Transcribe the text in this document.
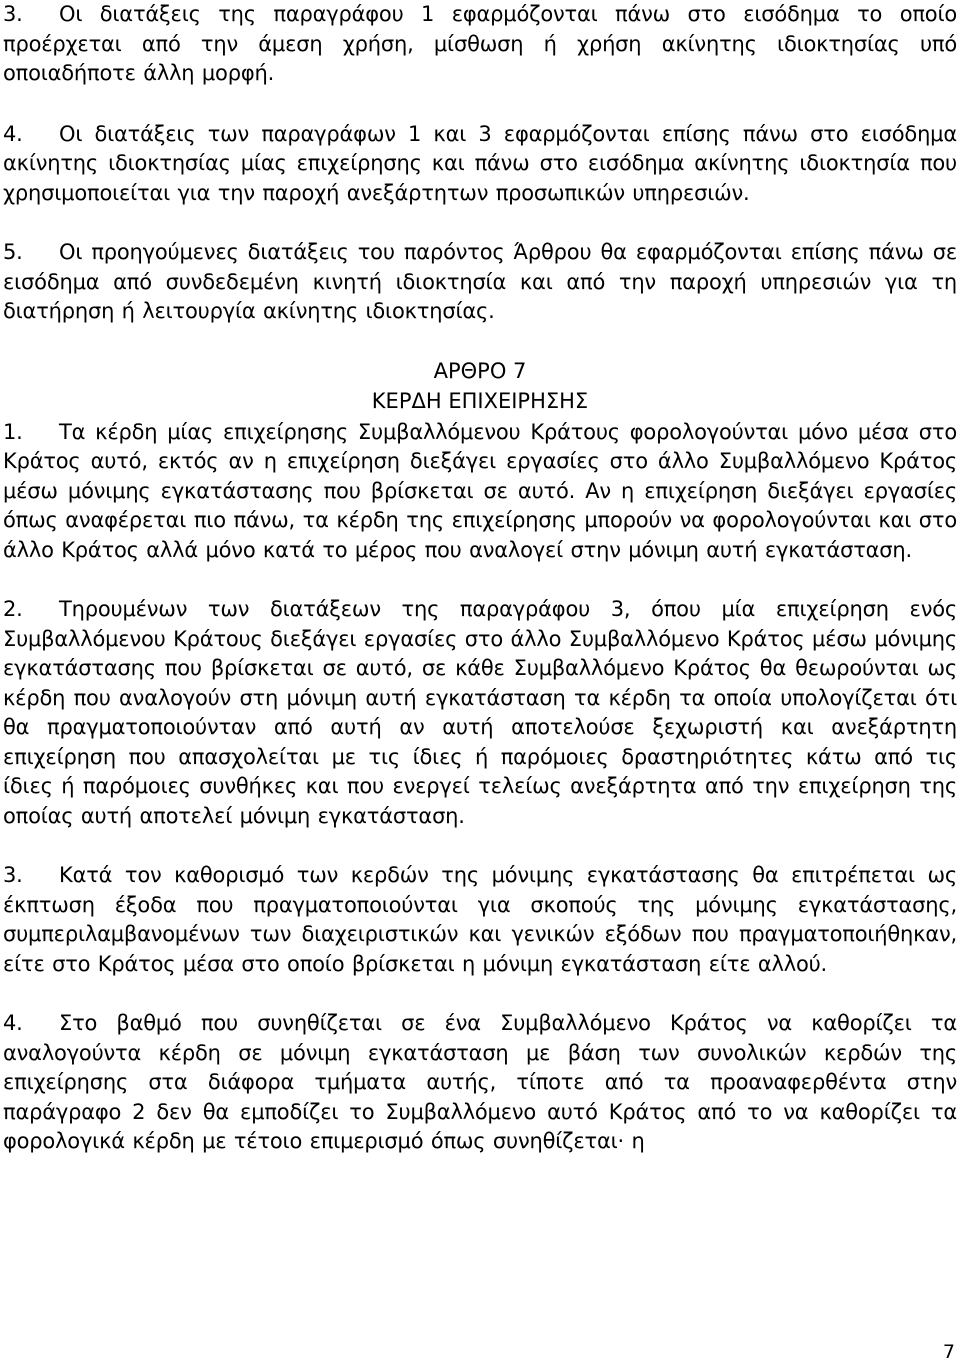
3. Οι διατάξεις της παραγράφου 1 εφαρμόζονται πάνω στο εισόδημα το οποίο προέρχεται από την άμεση χρήση, μίσθωση ή χρήση ακίνητης ιδιοκτησίας υπό οποιαδήποτε άλλη μορφή.

4. Οι διατάξεις των παραγράφων 1 και 3 εφαρμόζονται επίσης πάνω στο εισόδημα ακίνητης ιδιοκτησίας μίας επιχείρησης και πάνω στο εισόδημα ακίνητης ιδιοκτησία που χρησιμοποιείται για την παροχή ανεξάρτητων προσωπικών υπηρεσιών.

5. Οι προηγούμενες διατάξεις του παρόντος Άρθρου θα εφαρμόζονται επίσης πάνω σε εισόδημα από συνδεδεμένη κινητή ιδιοκτησία και από την παροχή υπηρεσιών για τη διατήρηση ή λειτουργία ακίνητης ιδιοκτησίας.

ΑΡΘΡΟ 7
ΚΕΡΔΗ ΕΠΙΧΕΙΡΗΣΗΣ

1. Τα κέρδη μίας επιχείρησης Συμβαλλόμενου Κράτους φορολογούνται μόνο μέσα στο Κράτος αυτό, εκτός αν η επιχείρηση διεξάγει εργασίες στο άλλο Συμβαλλόμενο Κράτος μέσω μόνιμης εγκατάστασης που βρίσκεται σε αυτό. Αν η επιχείρηση διεξάγει εργασίες όπως αναφέρεται πιο πάνω, τα κέρδη της επιχείρησης μπορούν να φορολογούνται και στο άλλο Κράτος αλλά μόνο κατά το μέρος που αναλογεί στην μόνιμη αυτή εγκατάσταση.

2. Τηρουμένων των διατάξεων της παραγράφου 3, όπου μία επιχείρηση ενός Συμβαλλόμενου Κράτους διεξάγει εργασίες στο άλλο Συμβαλλόμενο Κράτος μέσω μόνιμης εγκατάστασης που βρίσκεται σε αυτό, σε κάθε Συμβαλλόμενο Κράτος θα θεωρούνται ως κέρδη που αναλογούν στη μόνιμη αυτή εγκατάσταση τα κέρδη τα οποία υπολογίζεται ότι θα πραγματοποιούνταν από αυτή αν αυτή αποτελούσε ξεχωριστή και ανεξάρτητη επιχείρηση που απασχολείται με τις ίδιες ή παρόμοιες δραστηριότητες κάτω από τις ίδιες ή παρόμοιες συνθήκες και που ενεργεί τελείως ανεξάρτητα από την επιχείρηση της οποίας αυτή αποτελεί μόνιμη εγκατάσταση.

3. Κατά τον καθορισμό των κερδών της μόνιμης εγκατάστασης θα επιτρέπεται ως έκπτωση έξοδα που πραγματοποιούνται για σκοπούς της μόνιμης εγκατάστασης, συμπεριλαμβανομένων των διαχειριστικών και γενικών εξόδων που πραγματοποιήθηκαν, είτε στο Κράτος μέσα στο οποίο βρίσκεται η μόνιμη εγκατάσταση είτε αλλού.

4. Στο βαθμό που συνηθίζεται σε ένα Συμβαλλόμενο Κράτος να καθορίζει τα αναλογούντα κέρδη σε μόνιμη εγκατάσταση με βάση των συνολικών κερδών της επιχείρησης στα διάφορα τμήματα αυτής, τίποτε από τα προαναφερθέντα στην παράγραφο 2 δεν θα εμποδίζει το Συμβαλλόμενο αυτό Κράτος από το να καθορίζει τα φορολογικά κέρδη με τέτοιο επιμερισμό όπως συνηθίζεται· η

7
